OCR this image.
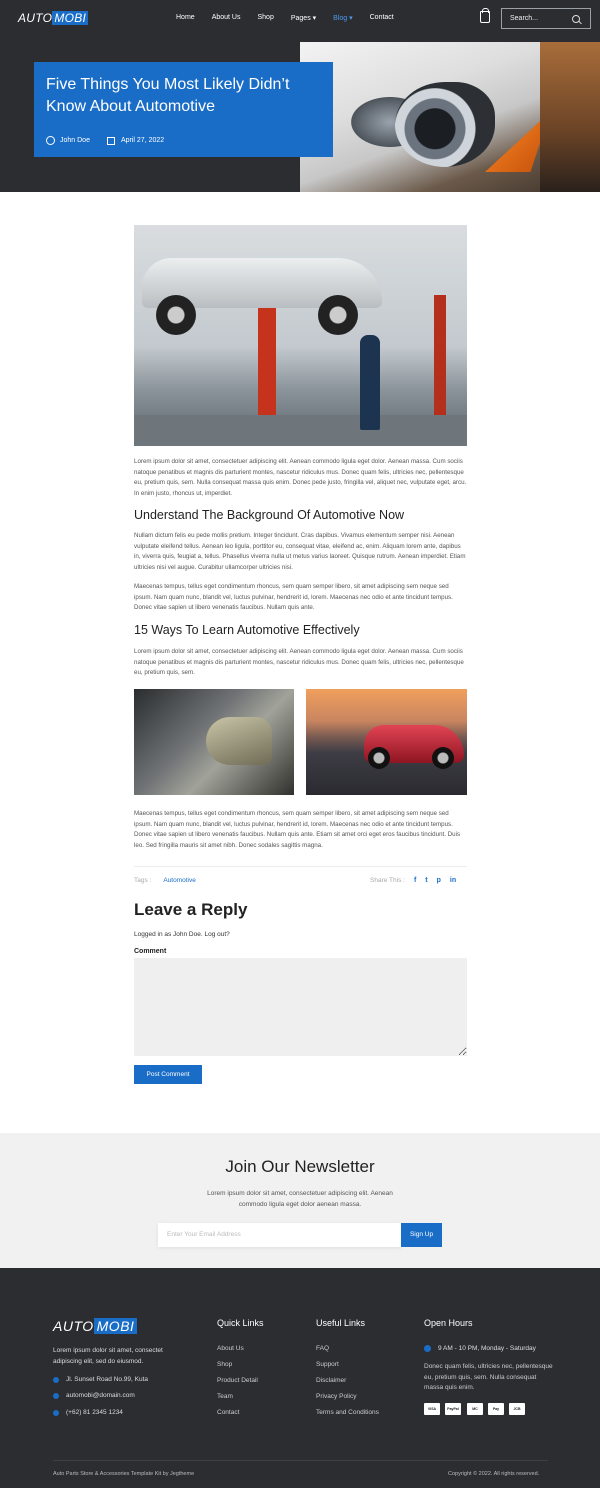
AUTO MOBI	Home About Us Shop Pages ▾ Blog ▾ Contact	Search...
Five Things You Most Likely Didn’t Know About Automotive
John Doe	April 27, 2022

Lorem ipsum dolor sit amet, consectetuer adipiscing elit. Aenean commodo ligula eget dolor. Aenean massa. Cum sociis natoque penatibus et magnis dis parturient montes, nascetur ridiculus mus. Donec quam felis, ultricies nec, pellentesque eu, pretium quis, sem. Nulla consequat massa quis enim. Donec pede justo, fringilla vel, aliquet nec, vulputate eget, arcu. In enim justo, rhoncus ut, imperdiet.

Understand The Background Of Automotive Now

Nullam dictum felis eu pede mollis pretium. Integer tincidunt. Cras dapibus. Vivamus elementum semper nisi. Aenean vulputate eleifend tellus. Aenean leo ligula, porttitor eu, consequat vitae, eleifend ac, enim. Aliquam lorem ante, dapibus in, viverra quis, feugiat a, tellus. Phasellus viverra nulla ut metus varius laoreet. Quisque rutrum. Aenean imperdiet. Etiam ultricies nisi vel augue. Curabitur ullamcorper ultricies nisi.

Maecenas tempus, tellus eget condimentum rhoncus, sem quam semper libero, sit amet adipiscing sem neque sed ipsum. Nam quam nunc, blandit vel, luctus pulvinar, hendrerit id, lorem. Maecenas nec odio et ante tincidunt tempus. Donec vitae sapien ut libero venenatis faucibus. Nullam quis ante.

15 Ways To Learn Automotive Effectively

Lorem ipsum dolor sit amet, consectetuer adipiscing elit. Aenean commodo ligula eget dolor. Aenean massa. Cum sociis natoque penatibus et magnis dis parturient montes, nascetur ridiculus mus. Donec quam felis, ultricies nec, pellentesque eu, pretium quis, sem.

Maecenas tempus, tellus eget condimentum rhoncus, sem quam semper libero, sit amet adipiscing sem neque sed ipsum. Nam quam nunc, blandit vel, luctus pulvinar, hendrerit id, lorem. Maecenas nec odio et ante tincidunt tempus. Donec vitae sapien ut libero venenatis faucibus. Nullam quis ante. Etiam sit amet orci eget eros faucibus tincidunt. Duis leo. Sed fringilla mauris sit amet nibh. Donec sodales sagittis magna.

Tags : Automotive	Share This : f t p in
Leave a Reply
Logged in as John Doe. Log out?
Comment
Post Comment
Join Our Newsletter
Lorem ipsum dolor sit amet, consectetuer adipiscing elit. Aenean commodo ligula eget dolor aenean massa.
Enter Your Email Address	Sign Up
AUTO MOBI
Lorem ipsum dolor sit amet, consectet adipiscing elit, sed do eiusmod.
Jl. Sunset Road No.99, Kuta
automobi@domain.com
(+62) 81 2345 1234
Quick Links
About Us
Shop
Product Detail
Team
Contact
Useful Links
FAQ
Support
Disclaimer
Privacy Policy
Terms and Conditions
Open Hours
9 AM - 10 PM, Monday - Saturday
Donec quam felis, ultricies nec, pellentesque eu, pretium quis, sem. Nulla consequat massa quis enim.
VISA	PayPal	MC	Pay	JCB
Auto Parts Store & Accessories Template Kit by Jegtheme	Copyright © 2022. All rights reserved.
